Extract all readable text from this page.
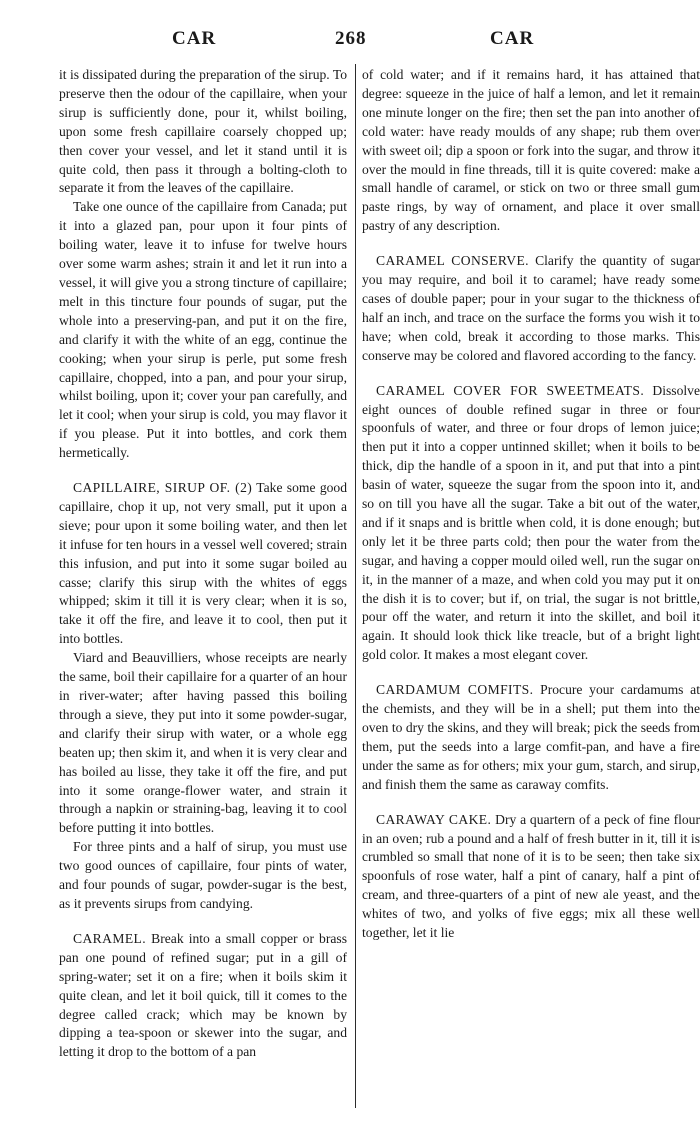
CAR	268	CAR

it is dissipated during the preparation of the sirup. To preserve then the odour of the capillaire, when your sirup is sufficiently done, pour it, whilst boiling, upon some fresh capillaire coarsely chopped up; then cover your vessel, and let it stand until it is quite cold, then pass it through a bolting-cloth to separate it from the leaves of the capillaire.

Take one ounce of the capillaire from Canada; put it into a glazed pan, pour upon it four pints of boiling water, leave it to infuse for twelve hours over some warm ashes; strain it and let it run into a vessel, it will give you a strong tincture of capillaire; melt in this tincture four pounds of sugar, put the whole into a preserving-pan, and put it on the fire, and clarify it with the white of an egg, continue the cooking; when your sirup is perle, put some fresh capillaire, chopped, into a pan, and pour your sirup, whilst boiling, upon it; cover your pan carefully, and let it cool; when your sirup is cold, you may flavor it if you please. Put it into bottles, and cork them hermetically.

CAPILLAIRE, SIRUP OF. (2) Take some good capillaire, chop it up, not very small, put it upon a sieve; pour upon it some boiling water, and then let it infuse for ten hours in a vessel well covered; strain this infusion, and put into it some sugar boiled au casse; clarify this sirup with the whites of eggs whipped; skim it till it is very clear; when it is so, take it off the fire, and leave it to cool, then put it into bottles.

Viard and Beauvilliers, whose receipts are nearly the same, boil their capillaire for a quarter of an hour in river-water; after having passed this boiling through a sieve, they put into it some powder-sugar, and clarify their sirup with water, or a whole egg beaten up; then skim it, and when it is very clear and has boiled au lisse, they take it off the fire, and put into it some orange-flower water, and strain it through a napkin or straining-bag, leaving it to cool before putting it into bottles.

For three pints and a half of sirup, you must use two good ounces of capillaire, four pints of water, and four pounds of sugar, powder-sugar is the best, as it prevents sirups from candying.

CARAMEL. Break into a small copper or brass pan one pound of refined sugar; put in a gill of spring-water; set it on a fire; when it boils skim it quite clean, and let it boil quick, till it comes to the degree called crack; which may be known by dipping a tea-spoon or skewer into the sugar, and letting it drop to the bottom of a pan

of cold water; and if it remains hard, it has attained that degree: squeeze in the juice of half a lemon, and let it remain one minute longer on the fire; then set the pan into another of cold water: have ready moulds of any shape; rub them over with sweet oil; dip a spoon or fork into the sugar, and throw it over the mould in fine threads, till it is quite covered: make a small handle of caramel, or stick on two or three small gum paste rings, by way of ornament, and place it over small pastry of any description.

CARAMEL CONSERVE. Clarify the quantity of sugar you may require, and boil it to caramel; have ready some cases of double paper; pour in your sugar to the thickness of half an inch, and trace on the surface the forms you wish it to have; when cold, break it according to those marks. This conserve may be colored and flavored according to the fancy.

CARAMEL COVER FOR SWEETMEATS. Dissolve eight ounces of double refined sugar in three or four spoonfuls of water, and three or four drops of lemon juice; then put it into a copper untinned skillet; when it boils to be thick, dip the handle of a spoon in it, and put that into a pint basin of water, squeeze the sugar from the spoon into it, and so on till you have all the sugar. Take a bit out of the water, and if it snaps and is brittle when cold, it is done enough; but only let it be three parts cold; then pour the water from the sugar, and having a copper mould oiled well, run the sugar on it, in the manner of a maze, and when cold you may put it on the dish it is to cover; but if, on trial, the sugar is not brittle, pour off the water, and return it into the skillet, and boil it again. It should look thick like treacle, but of a bright light gold color. It makes a most elegant cover.

CARDAMUM COMFITS. Procure your cardamums at the chemists, and they will be in a shell; put them into the oven to dry the skins, and they will break; pick the seeds from them, put the seeds into a large comfit-pan, and have a fire under the same as for others; mix your gum, starch, and sirup, and finish them the same as caraway comfits.

CARAWAY CAKE. Dry a quartern of a peck of fine flour in an oven; rub a pound and a half of fresh butter in it, till it is crumbled so small that none of it is to be seen; then take six spoonfuls of rose water, half a pint of canary, half a pint of cream, and three-quarters of a pint of new ale yeast, and the whites of two, and yolks of five eggs; mix all these well together, let it lie
